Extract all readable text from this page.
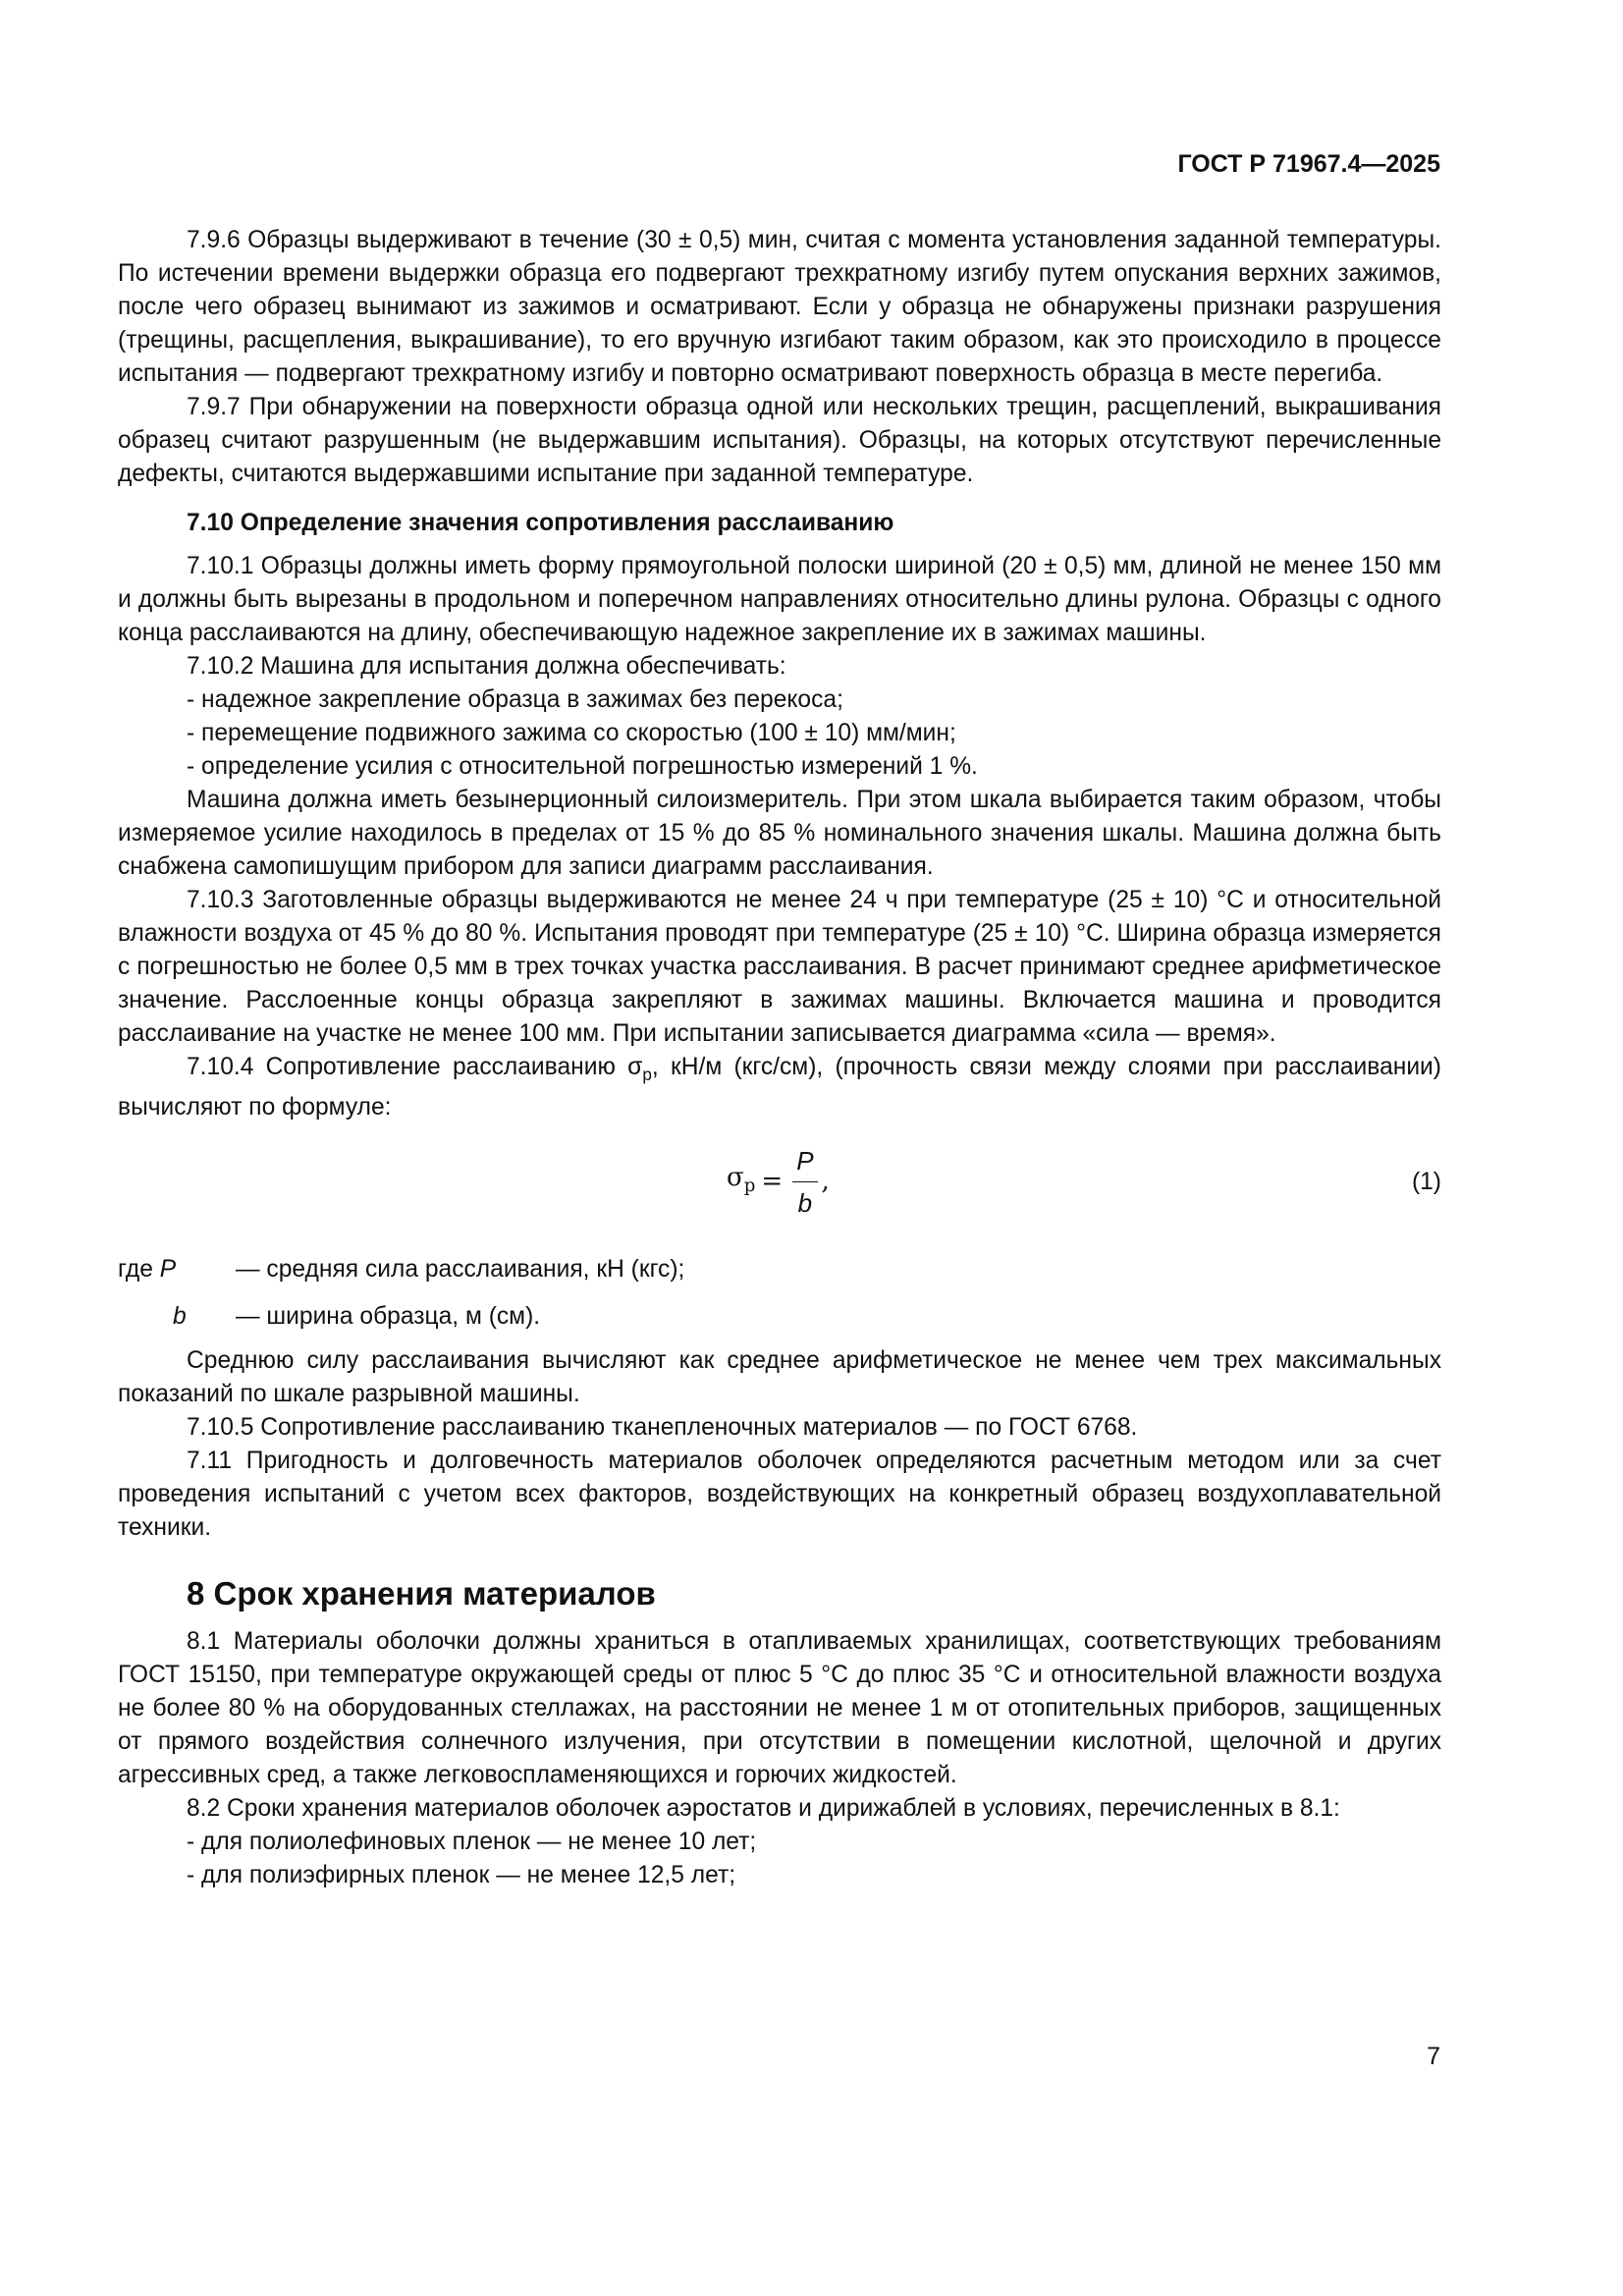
ГОСТ Р 71967.4—2025

7.9.6 Образцы выдерживают в течение (30 ± 0,5) мин, считая с момента установления заданной температуры. По истечении времени выдержки образца его подвергают трехкратному изгибу путем опускания верхних зажимов, после чего образец вынимают из зажимов и осматривают. Если у образца не обнаружены признаки разрушения (трещины, расщепления, выкрашивание), то его вручную изгибают таким образом, как это происходило в процессе испытания — подвергают трехкратному изгибу и повторно осматривают поверхность образца в месте перегиба.

7.9.7 При обнаружении на поверхности образца одной или нескольких трещин, расщеплений, выкрашивания образец считают разрушенным (не выдержавшим испытания). Образцы, на которых отсутствуют перечисленные дефекты, считаются выдержавшими испытание при заданной температуре.

7.10 Определение значения сопротивления расслаиванию

7.10.1 Образцы должны иметь форму прямоугольной полоски шириной (20 ± 0,5) мм, длиной не менее 150 мм и должны быть вырезаны в продольном и поперечном направлениях относительно длины рулона. Образцы с одного конца расслаиваются на длину, обеспечивающую надежное закрепление их в зажимах машины.

7.10.2 Машина для испытания должна обеспечивать:

- надежное закрепление образца в зажимах без перекоса;

- перемещение подвижного зажима со скоростью (100 ± 10) мм/мин;

- определение усилия с относительной погрешностью измерений 1 %.

Машина должна иметь безынерционный силоизмеритель. При этом шкала выбирается таким образом, чтобы измеряемое усилие находилось в пределах от 15 % до 85 % номинального значения шкалы. Машина должна быть снабжена самопишущим прибором для записи диаграмм расслаивания.

7.10.3 Заготовленные образцы выдерживаются не менее 24 ч при температуре (25 ± 10) °С и относительной влажности воздуха от 45 % до 80 %. Испытания проводят при температуре (25 ± 10) °С. Ширина образца измеряется с погрешностью не более 0,5 мм в трех точках участка расслаивания. В расчет принимают среднее арифметическое значение. Расслоенные концы образца закрепляют в зажимах машины. Включается машина и проводится расслаивание на участке не менее 100 мм. При испытании записывается диаграмма «сила — время».

7.10.4 Сопротивление расслаиванию $\sigma_р$, кН/м (кгс/см), (прочность связи между слоями при расслаивании) вычисляют по формуле:

$\sigma_р = \frac{P}{b}$ ,	(1)
где P	— средняя сила расслаивания, кН (кгс);
b	— ширина образца, м (см).

Среднюю силу расслаивания вычисляют как среднее арифметическое не менее чем трех максимальных показаний по шкале разрывной машины.

7.10.5 Сопротивление расслаиванию тканепленочных материалов — по ГОСТ 6768.

7.11 Пригодность и долговечность материалов оболочек определяются расчетным методом или за счет проведения испытаний с учетом всех факторов, воздействующих на конкретный образец воздухоплавательной техники.

8 Срок хранения материалов

8.1 Материалы оболочки должны храниться в отапливаемых хранилищах, соответствующих требованиям ГОСТ 15150, при температуре окружающей среды от плюс 5 °С до плюс 35 °С и относительной влажности воздуха не более 80 % на оборудованных стеллажах, на расстоянии не менее 1 м от отопительных приборов, защищенных от прямого воздействия солнечного излучения, при отсутствии в помещении кислотной, щелочной и других агрессивных сред, а также легковоспламеняющихся и горючих жидкостей.

8.2 Сроки хранения материалов оболочек аэростатов и дирижаблей в условиях, перечисленных в 8.1:

- для полиолефиновых пленок — не менее 10 лет;

- для полиэфирных пленок — не менее 12,5 лет;

7
